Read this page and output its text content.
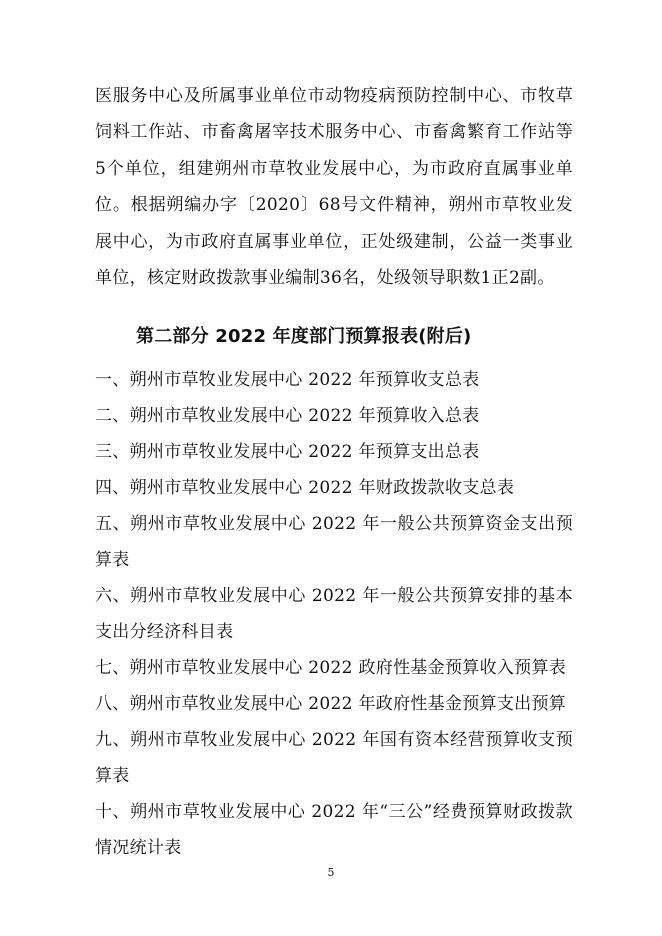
医服务中心及所属事业单位市动物疫病预防控制中心、市牧草饲料工作站、市畜禽屠宰技术服务中心、市畜禽繁育工作站等5个单位，组建朔州市草牧业发展中心，为市政府直属事业单位。根据朔编办字〔2020〕68号文件精神，朔州市草牧业发展中心，为市政府直属事业单位，正处级建制，公益一类事业单位，核定财政拨款事业编制36名，处级领导职数1正2副。

第二部分 2022 年度部门预算报表(附后)
一、朔州市草牧业发展中心 2022 年预算收支总表
二、朔州市草牧业发展中心 2022 年预算收入总表
三、朔州市草牧业发展中心 2022 年预算支出总表
四、朔州市草牧业发展中心 2022 年财政拨款收支总表
五、朔州市草牧业发展中心 2022 年一般公共预算资金支出预算表
六、朔州市草牧业发展中心 2022 年一般公共预算安排的基本支出分经济科目表
七、朔州市草牧业发展中心 2022 政府性基金预算收入预算表
八、朔州市草牧业发展中心 2022 年政府性基金预算支出预算
九、朔州市草牧业发展中心 2022 年国有资本经营预算收支预算表
十、朔州市草牧业发展中心 2022 年“三公”经费预算财政拨款情况统计表
5
